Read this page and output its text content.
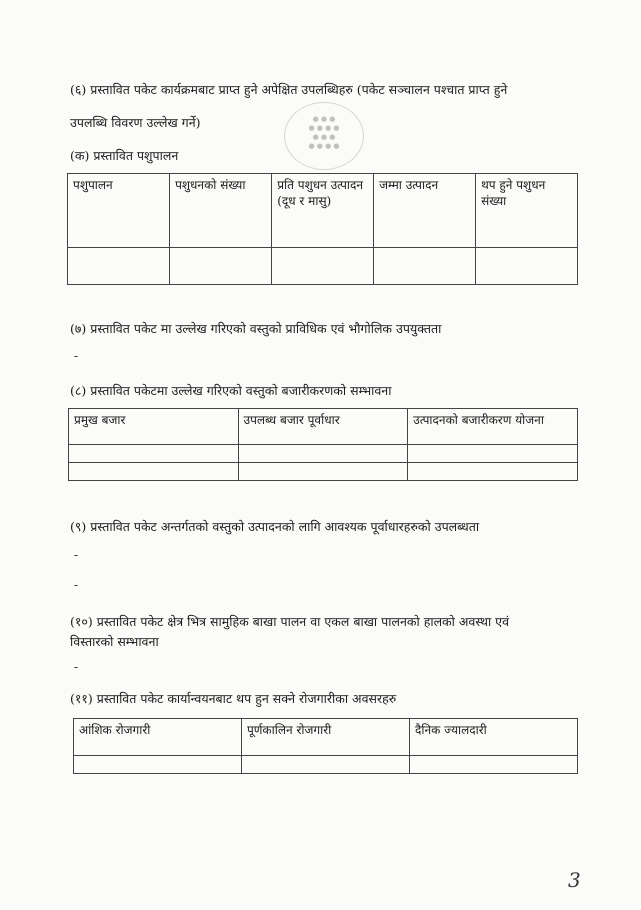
● ● ●
● ● ● ●
● ● ●
● ● ● ●
(६) प्रस्तावित पकेट कार्यक्रमबाट प्राप्त हुने अपेक्षित उपलब्धिहरु (पकेट सञ्चालन पश्चात प्राप्त हुने
उपलब्धि विवरण उल्लेख गर्ने)
(क) प्रस्तावित पशुपालन
पशुपालन	पशुधनको संख्या	प्रति पशुधन उत्पादन (दूध र मासु)	जम्मा उत्पादन	थप हुने पशुधन संख्या

(७) प्रस्तावित पकेट मा उल्लेख गरिएको वस्तुको प्राविधिक एवं भौगोलिक उपयुक्तता
-
(८) प्रस्तावित पकेटमा उल्लेख गरिएको वस्तुको बजारीकरणको सम्भावना
प्रमुख बजार	उपलब्ध बजार पूर्वाधार	उत्पादनको बजारीकरण योजना

(९) प्रस्तावित पकेट अन्तर्गतको वस्तुको उत्पादनको लागि आवश्यक पूर्वाधारहरुको उपलब्धता
-
-
(१०) प्रस्तावित पकेट क्षेत्र भित्र सामुहिक बाखा पालन वा एकल बाखा पालनको हालको अवस्था एवं
विस्तारको सम्भावना
-
(११) प्रस्तावित पकेट कार्यान्वयनबाट थप हुन सक्ने रोजगारीका अवसरहरु
आंशिक रोजगारी	पूर्णकालिन रोजगारी	दैनिक ज्यालदारी

3
